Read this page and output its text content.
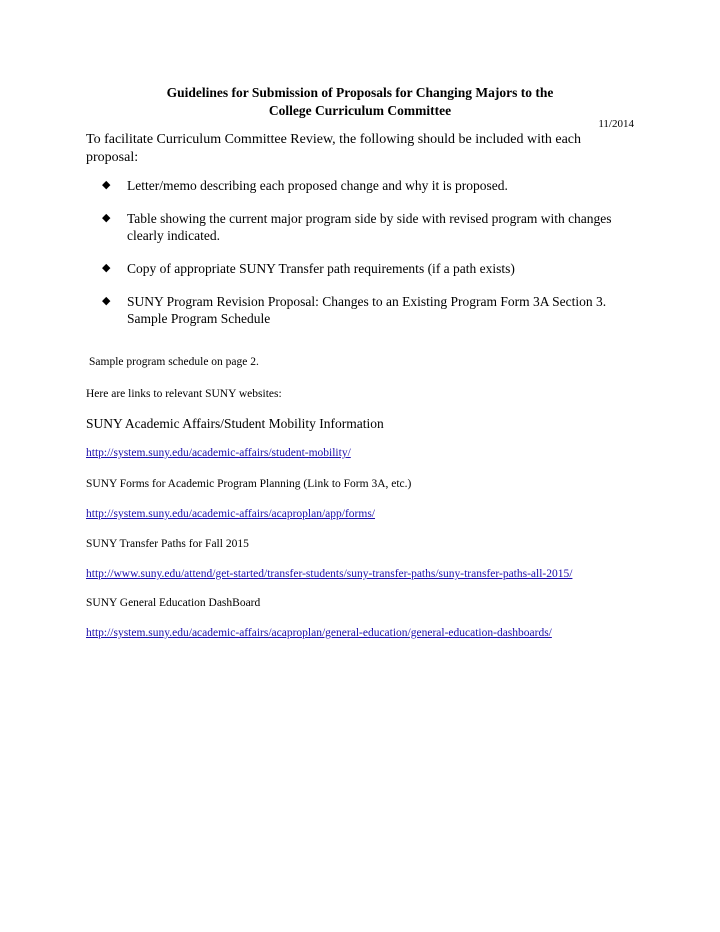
Guidelines for Submission of Proposals for Changing Majors to the
College Curriculum Committee
11/2014
To facilitate Curriculum Committee Review, the following should be included with each proposal:
◆ Letter/memo describing each proposed change and why it is proposed.
◆ Table showing the current major program side by side with revised program with changes clearly indicated.
◆ Copy of appropriate SUNY Transfer path requirements (if a path exists)
◆ SUNY Program Revision Proposal: Changes to an Existing Program Form 3A Section 3. Sample Program Schedule
Sample program schedule on page 2.
Here are links to relevant SUNY websites:
SUNY Academic Affairs/Student Mobility Information
http://system.suny.edu/academic-affairs/student-mobility/
SUNY Forms for Academic Program Planning (Link to Form 3A, etc.)
http://system.suny.edu/academic-affairs/acaproplan/app/forms/
SUNY Transfer Paths for Fall 2015
http://www.suny.edu/attend/get-started/transfer-students/suny-transfer-paths/suny-transfer-paths-all-2015/
SUNY General Education DashBoard
http://system.suny.edu/academic-affairs/acaproplan/general-education/general-education-dashboards/
